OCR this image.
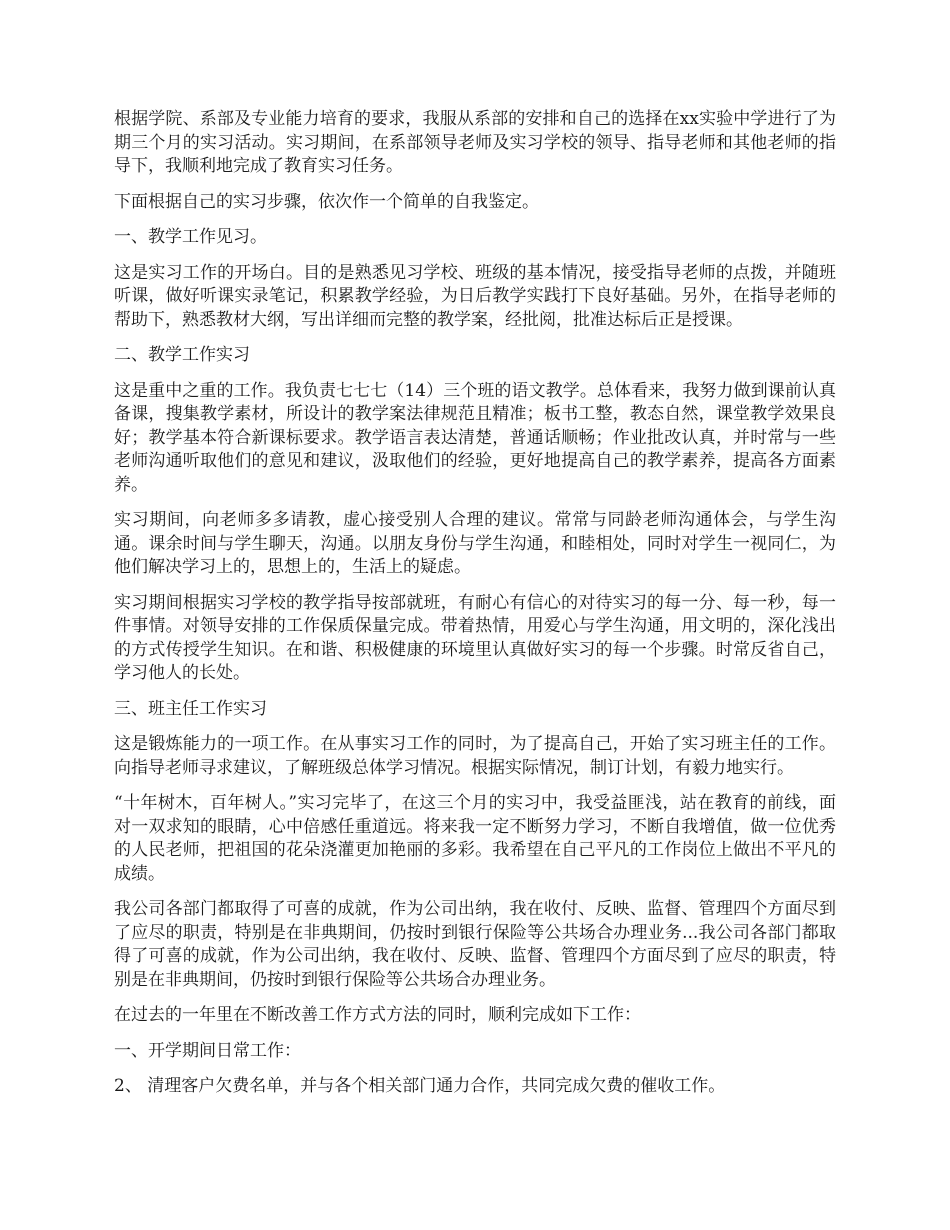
根据学院、系部及专业能力培育的要求，我服从系部的安排和自己的选择在xx实验中学进行了为期三个月的实习活动。实习期间，在系部领导老师及实习学校的领导、指导老师和其他老师的指导下，我顺利地完成了教育实习任务。

下面根据自己的实习步骤，依次作一个简单的自我鉴定。

一、教学工作见习。

这是实习工作的开场白。目的是熟悉见习学校、班级的基本情况，接受指导老师的点拨，并随班听课，做好听课实录笔记，积累教学经验，为日后教学实践打下良好基础。另外，在指导老师的帮助下，熟悉教材大纲，写出详细而完整的教学案，经批阅，批准达标后正是授课。

二、教学工作实习

这是重中之重的工作。我负责七七七（14）三个班的语文教学。总体看来，我努力做到课前认真备课，搜集教学素材，所设计的教学案法律规范且精准；板书工整，教态自然，课堂教学效果良好；教学基本符合新课标要求。教学语言表达清楚，普通话顺畅；作业批改认真，并时常与一些老师沟通听取他们的意见和建议，汲取他们的经验，更好地提高自己的教学素养，提高各方面素养。

实习期间，向老师多多请教，虚心接受别人合理的建议。常常与同龄老师沟通体会，与学生沟通。课余时间与学生聊天，沟通。以朋友身份与学生沟通，和睦相处，同时对学生一视同仁，为他们解决学习上的，思想上的，生活上的疑虑。

实习期间根据实习学校的教学指导按部就班，有耐心有信心的对待实习的每一分、每一秒，每一件事情。对领导安排的工作保质保量完成。带着热情，用爱心与学生沟通，用文明的，深化浅出的方式传授学生知识。在和谐、积极健康的环境里认真做好实习的每一个步骤。时常反省自己，学习他人的长处。

三、班主任工作实习

这是锻炼能力的一项工作。在从事实习工作的同时，为了提高自己，开始了实习班主任的工作。向指导老师寻求建议，了解班级总体学习情况。根据实际情况，制订计划，有毅力地实行。

“十年树木，百年树人。”实习完毕了，在这三个月的实习中，我受益匪浅，站在教育的前线，面对一双求知的眼睛，心中倍感任重道远。将来我一定不断努力学习，不断自我增值，做一位优秀的人民老师，把祖国的花朵浇灌更加艳丽的多彩。我希望在自己平凡的工作岗位上做出不平凡的成绩。

我公司各部门都取得了可喜的成就，作为公司出纳，我在收付、反映、监督、管理四个方面尽到了应尽的职责，特别是在非典期间，仍按时到银行保险等公共场合办理业务...我公司各部门都取得了可喜的成就，作为公司出纳，我在收付、反映、监督、管理四个方面尽到了应尽的职责，特别是在非典期间，仍按时到银行保险等公共场合办理业务。

在过去的一年里在不断改善工作方式方法的同时，顺利完成如下工作：

一、开学期间日常工作：

2、 清理客户欠费名单，并与各个相关部门通力合作，共同完成欠费的催收工作。
